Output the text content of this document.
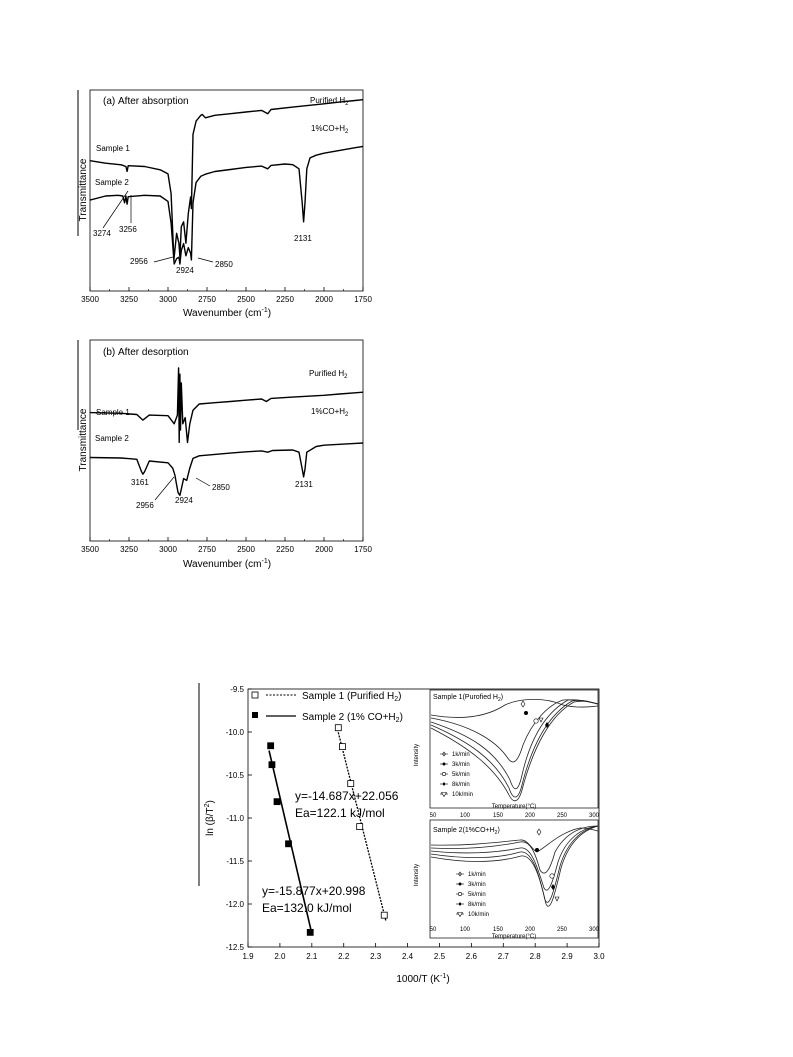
(a) After absorption
3500	3250	3000	2750	2500	2250	2000	1750
Wavenumber $(cm^{-1})$
Transmittance
Sample 1
Sample 2
Purified $H_2$
$1\%CO+H_2$
3274 3256
2956
2924
2850
2131
(b) After desorption
3500	3250	3000	2750	2500	2250	2000	1750
Wavenumber $(cm^{-1})$
Transmittance Sample 1
Sample 2
Purified $H_2$
$1\%CO+H_2$
3161
2956
2924
2850	2131
1.9	2.0	2.1	2.2	2.3	2.4	2.5	2.6	2.7	2.8	2.9	3.0
-9.5
-10.0
-10.5
-11.0
-11.5
-12.0
-12.5
1000/T $(K^{-1})$
$\ln (\beta/T^2)$
Sample 1 (Purified $H_2$)
Sample 2 (1% $CO+H_2$)
y=-14.687x+22.056
Ea=122.1 kJ/mol
y=-15.877x+20.998
Ea=132.0 kJ/mol
Sample 1(Purofied $H_2$)
Intensity
Temperature(°C)
1k/min
3k/min
5k/min
8k/min
10k/min
50	100	150	200	250	300
Sample $2(1\%CO+H_2)$
Intensity
Temperature(°C)
1k/min
3k/min
5k/min
8k/min
10k/min
50	100	150	200	250	300
